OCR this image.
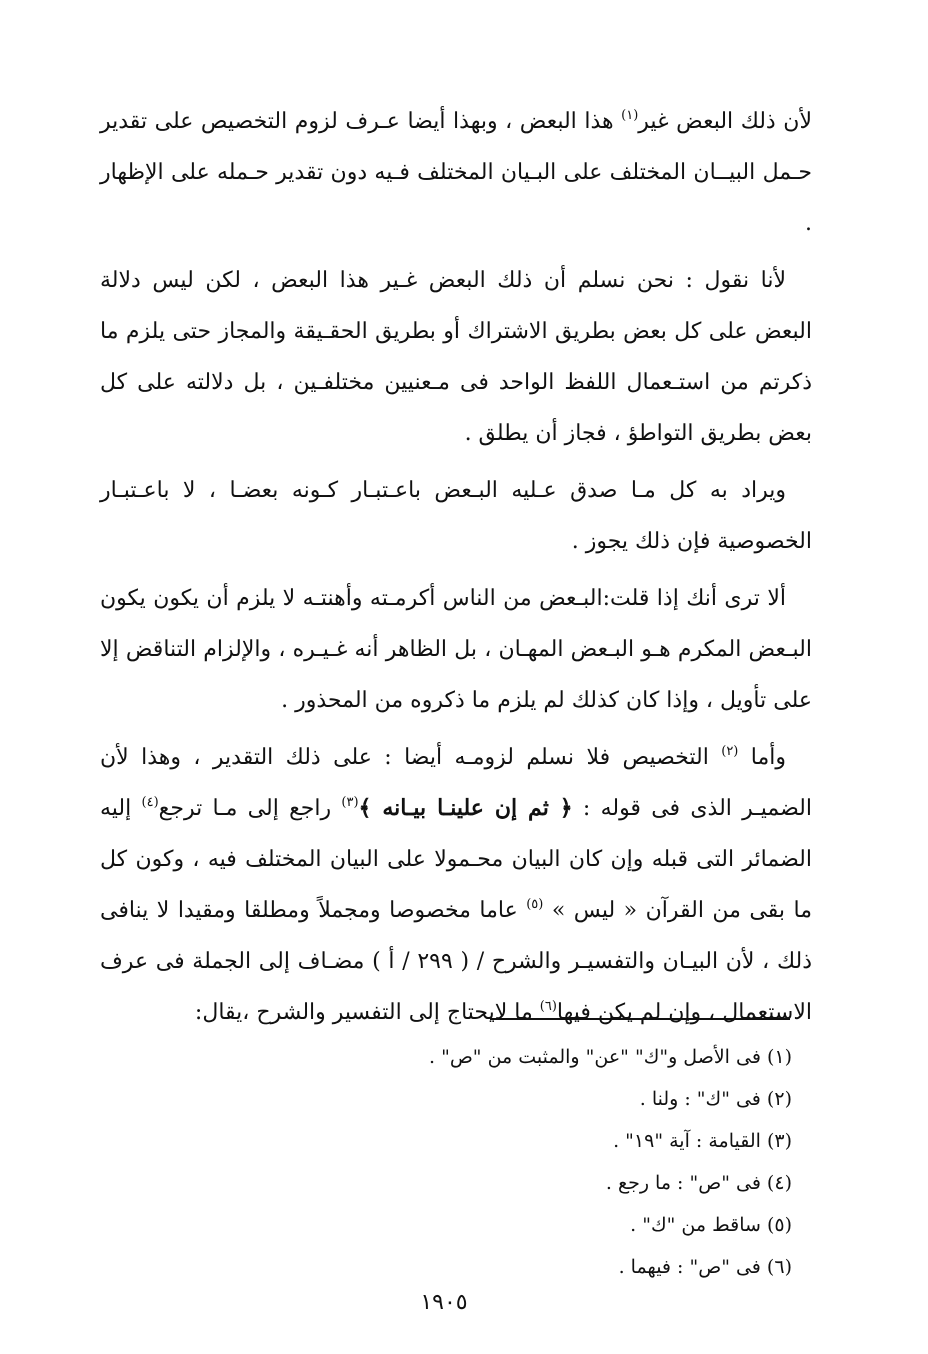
لأن ذلك البعض غير$^{(١)}$ هذا البعض ، وبهذا أيضا عـرف لزوم التخصيص على تقدير حـمل البيــان المختلف على البـيان المختلف فـيه دون تقدير حـمله على الإظهار .

لأنا نقول : نحن نسلم أن ذلك البعض غـير هذا البعض ، لكن ليس دلالة البعض على كل بعض بطريق الاشتراك أو بطريق الحقـيقة والمجاز حتى يلزم ما ذكرتم من استـعمال اللفظ الواحد فى مـعنيين مختلفـين ، بل دلالته على كل بعض بطريق التواطؤ ، فجاز أن يطلق .

ويراد به كل مـا صدق عـليه البـعض باعـتبـار كـونه بعضـا ، لا باعـتبـار الخصوصية فإن ذلك يجوز .

ألا ترى أنك إذا قلت:البـعض من الناس أكرمـته وأهنتـه لا يلزم أن يكون يكون البـعض المكرم هـو البـعض المهـان ، بل الظاهر أنه غـيـره ، والإلزام التناقض إلا على تأويل ، وإذا كان كذلك لم يلزم ما ذكروه من المحذور .

وأما $^{(٢)}$ التخصيص فلا نسلم لزومـه أيضا : على ذلك التقدير ، وهذا لأن الضميـر الذى فى قوله : ﴿ ثم إن علينـا بيـانه ﴾$^{(٣)}$ راجع إلى مـا ترجع$^{(٤)}$ إليه الضمائر التى قبله وإن كان البيان محـمولا على البيان المختلف فيه ، وكون كل ما بقى من القرآن « ليس » $^{(٥)}$ عاما مخصوصا ومجملاً ومطلقا ومقيدا لا ينافى ذلك ، لأن البيـان والتفسيـر والشرح / ( ٢٩٩ / أ ) مضـاف إلى الجملة فى عرف الاستعمال ، وإن لم يكن فيها$^{(٦)}$ ما لايحتاج إلى التفسير والشرح ،يقال:

(١) فى الأصل و"ك" "عن" والمثبت من "ص" .
(٢) فى "ك" : ولنا .
(٣) القيامة : آية "١٩" .
(٤) فى "ص" : ما رجع .
(٥) ساقط من "ك" .
(٦) فى "ص" : فيهما .
١٩٠٥
